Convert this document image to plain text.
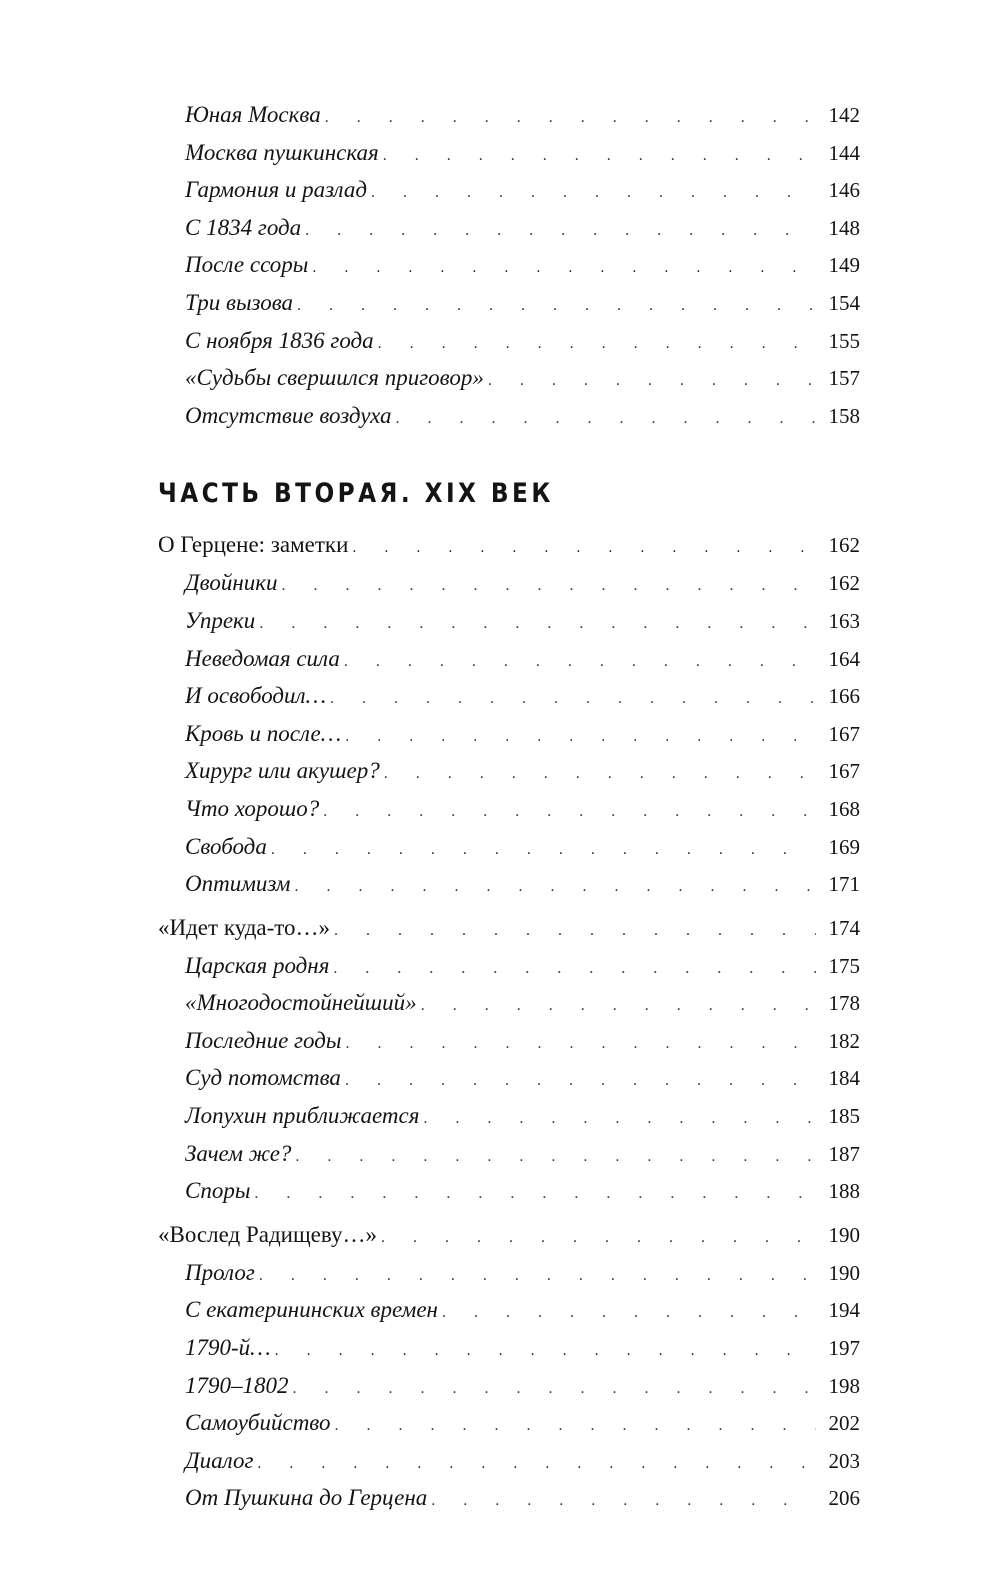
Юная Москва .	142
Москва пушкинская .	144
Гармония и разлад .	146
С 1834 года .	148
После ссоры .	149
Три вызова .	154
С ноября 1836 года .	155
«Судьбы свершился приговор» .	157
Отсутствие воздуха .	158
ЧАСТЬ ВТОРАЯ. XIX ВЕК
О Герцене: заметки .	162
Двойники .	162
Упреки .	163
Неведомая сила .	164
И освободил… .	166
Кровь и после… .	167
Хирург или акушер? .	167
Что хорошо? .	168
Свобода .	169
Оптимизм .	171
«Идет куда-то…» .	174
Царская родня .	175
«Многодостойнейший» .	178
Последние годы .	182
Суд потомства .	184
Лопухин приближается .	185
Зачем же? .	187
Споры .	188
«Вослед Радищеву…» .	190
Пролог .	190
С екатерининских времен .	194
1790-й… .	197
1790–1802 .	198
Самоубийство .	202
Диалог .	203
От Пушкина до Герцена .	206
